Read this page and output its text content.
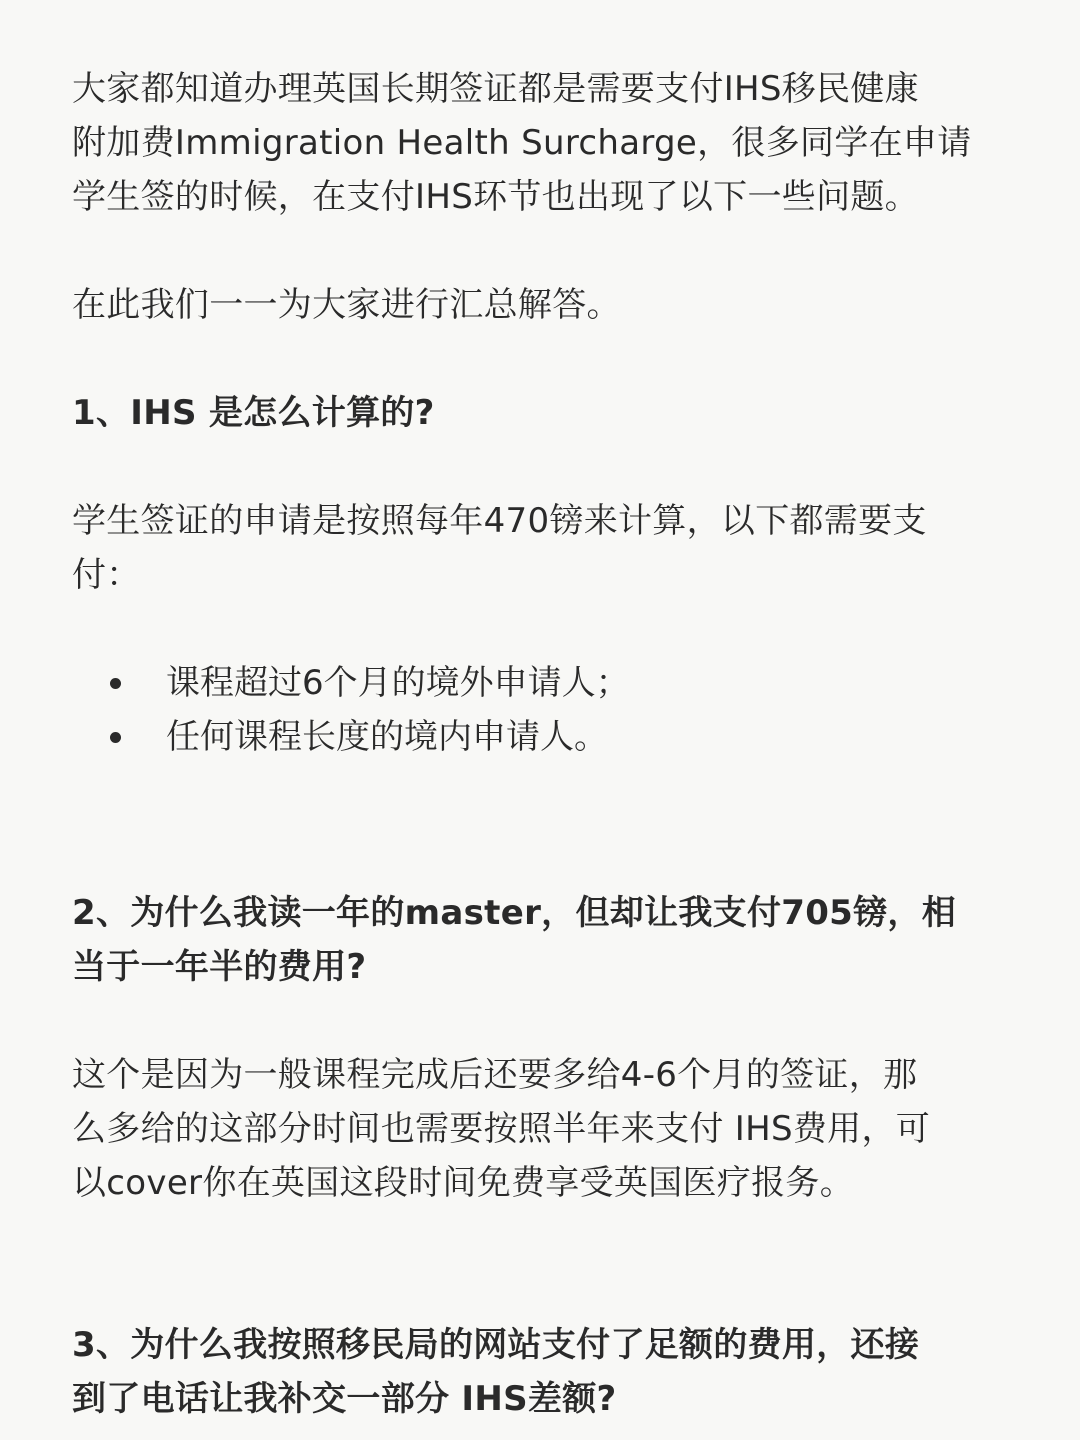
大家都知道办理英国长期签证都是需要支付IHS移民健康

附加费Immigration Health Surcharge，很多同学在申请

学生签的时候，在支付IHS环节也出现了以下一些问题。

在此我们一一为大家进行汇总解答。

1、IHS 是怎么计算的?

学生签证的申请是按照每年470镑来计算，以下都需要支

付：

课程超过6个月的境外申请人；
任何课程长度的境内申请人。

2、为什么我读一年的master，但却让我支付705镑，相

当于一年半的费用?

这个是因为一般课程完成后还要多给4-6个月的签证，那

么多给的这部分时间也需要按照半年来支付 IHS费用，可

以cover你在英国这段时间免费享受英国医疗报务。

3、为什么我按照移民局的网站支付了足额的费用，还接

到了电话让我补交一部分 IHS差额?
